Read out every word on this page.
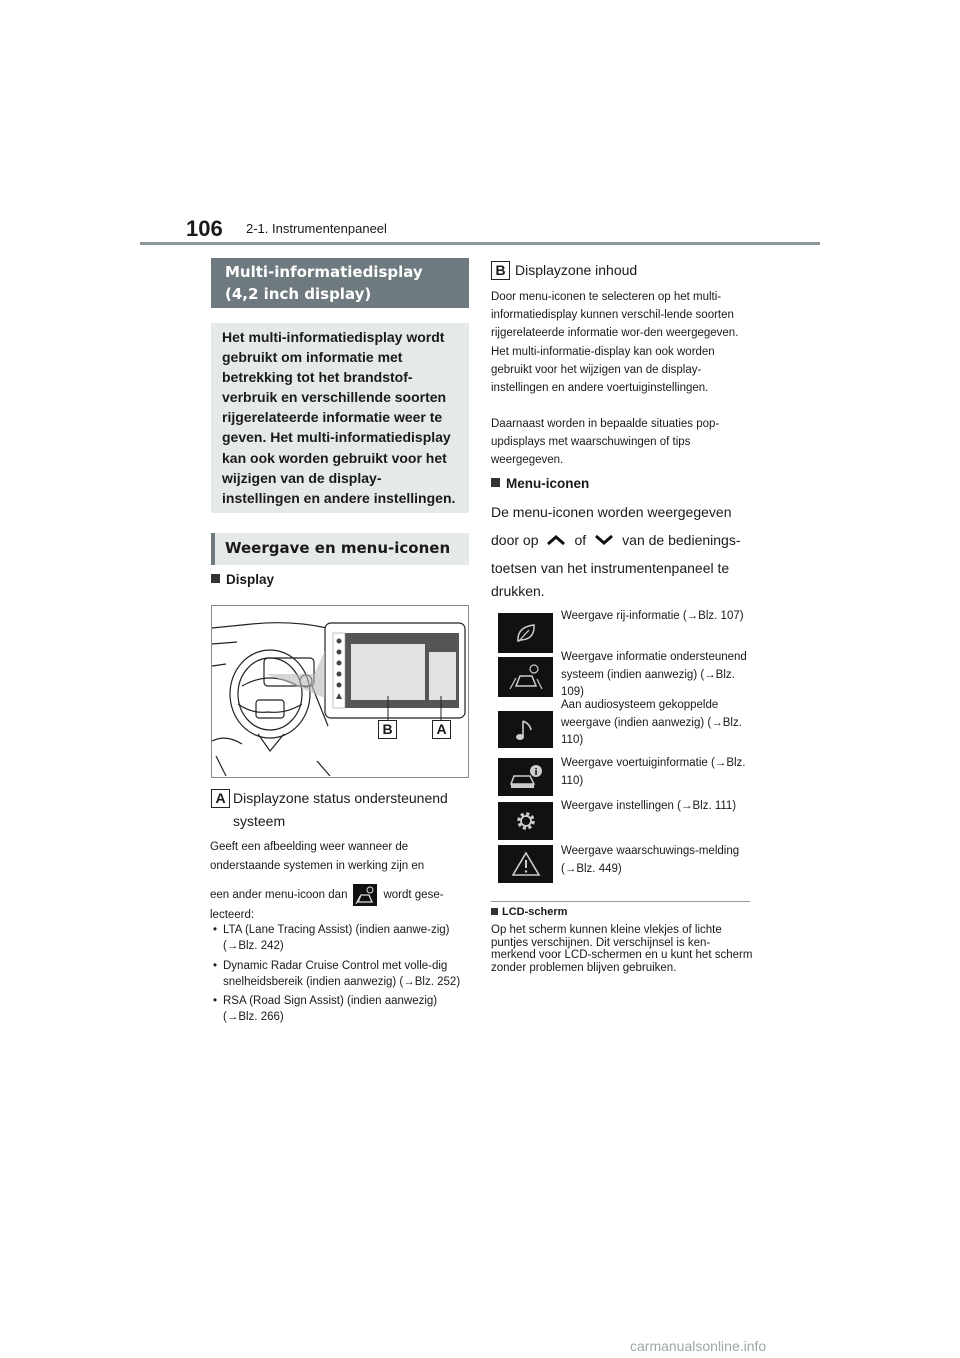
106 2-1. Instrumentenpaneel
Multi-informatiedisplay (4,2 inch display)
Het multi-informatiedisplay wordt gebruikt om informatie met betrekking tot het brandstof-verbruik en verschillende soorten rijgerelateerde informatie weer te geven. Het multi-informatiedisplay kan ook worden gebruikt voor het wijzigen van de display-instellingen en andere instellingen.
Weergave en menu-iconen
Display
B	A
A Displayzone status ondersteunend systeem
Geeft een afbeelding weer wanneer de onderstaande systemen in werking zijn en
een ander menu-icoon dan	wordt gese-
lecteerd:
• LTA (Lane Tracing Assist) (indien aanwe-zig) (→Blz. 242)
• Dynamic Radar Cruise Control met volle-dig snelheidsbereik (indien aanwezig) (→Blz. 252)
• RSA (Road Sign Assist) (indien aanwezig) (→Blz. 266)
B Displayzone inhoud
Door menu-iconen te selecteren op het multi-informatiedisplay kunnen verschil-lende soorten rijgerelateerde informatie wor-den weergegeven. Het multi-informatie-display kan ook worden gebruikt voor het wijzigen van de display-instellingen en andere voertuiginstellingen.
Daarnaast worden in bepaalde situaties pop-updisplays met waarschuwingen of tips weergegeven.
Menu-iconen
De menu-iconen worden weergegeven
door op	of	van de bedienings-
toetsen van het instrumentenpaneel te
drukken.
Weergave rij-informatie (→Blz. 107)
Weergave informatie ondersteunend systeem (indien aanwezig) (→Blz. 109)
Aan audiosysteem gekoppelde weergave (indien aanwezig) (→Blz. 110)
i
Weergave voertuiginformatie (→Blz. 110)
Weergave instellingen (→Blz. 111)
Weergave waarschuwings-melding (→Blz. 449)
LCD-scherm
Op het scherm kunnen kleine vlekjes of lichte puntjes verschijnen. Dit verschijnsel is ken-merkend voor LCD-schermen en u kunt het scherm zonder problemen blijven gebruiken.
carmanualsonline.info
